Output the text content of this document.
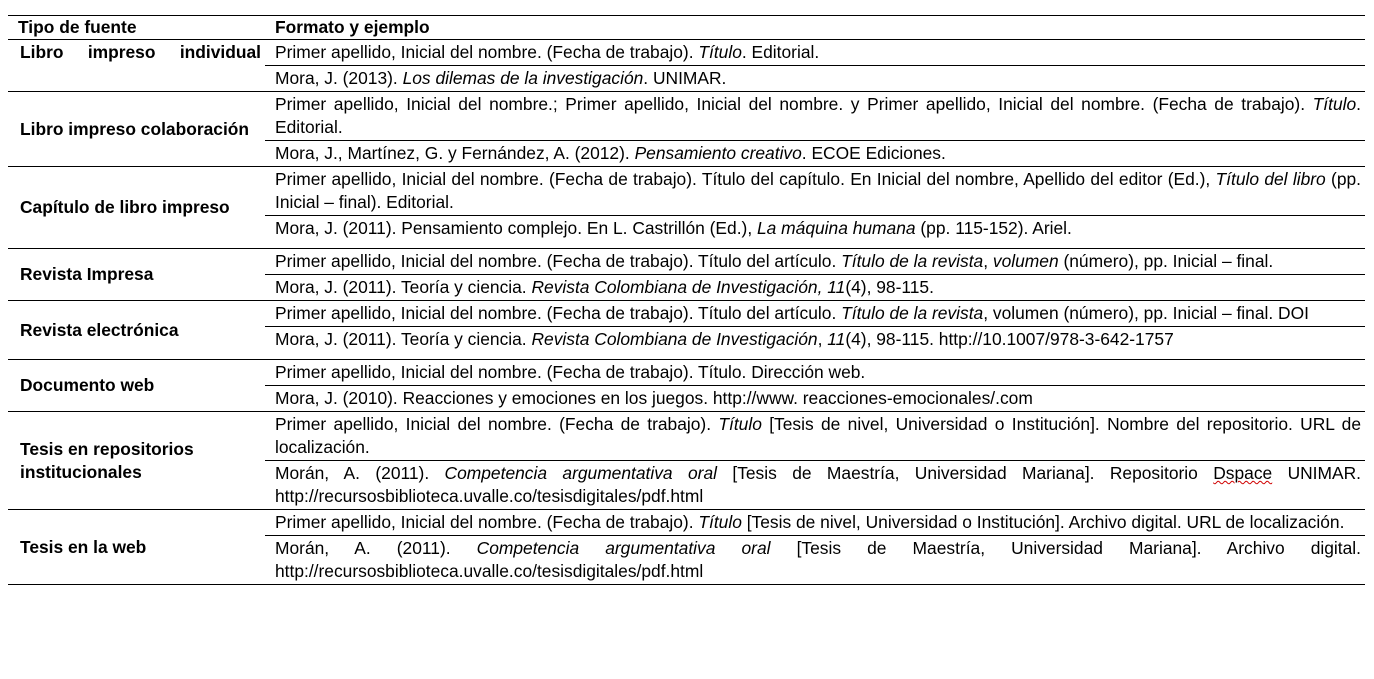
Tipo de fuente	Formato y ejemplo
Libro impreso individual	Primer apellido, Inicial del nombre. (Fecha de trabajo). Título. Editorial.
	Mora, J. (2013). Los dilemas de la investigación. UNIMAR.
Libro impreso colaboración	Primer apellido, Inicial del nombre.; Primer apellido, Inicial del nombre. y Primer apellido, Inicial del nombre. (Fecha de trabajo). Título. Editorial.
	Mora, J., Martínez, G. y Fernández, A. (2012). Pensamiento creativo. ECOE Ediciones.
Capítulo de libro impreso	Primer apellido, Inicial del nombre. (Fecha de trabajo). Título del capítulo. En Inicial del nombre, Apellido del editor (Ed.), Título del libro (pp. Inicial – final). Editorial.
	Mora, J. (2011). Pensamiento complejo. En L. Castrillón (Ed.), La máquina humana (pp. 115-152). Ariel.
Revista Impresa	Primer apellido, Inicial del nombre. (Fecha de trabajo). Título del artículo. Título de la revista, volumen (número), pp. Inicial – final.
	Mora, J. (2011). Teoría y ciencia. Revista Colombiana de Investigación, 11(4), 98-115.
Revista electrónica	Primer apellido, Inicial del nombre. (Fecha de trabajo). Título del artículo. Título de la revista, volumen (número), pp. Inicial – final. DOI
	Mora, J. (2011). Teoría y ciencia. Revista Colombiana de Investigación, 11(4), 98-115. http://10.1007/978-3-642-1757
Documento web	Primer apellido, Inicial del nombre. (Fecha de trabajo). Título. Dirección web.
	Mora, J. (2010). Reacciones y emociones en los juegos. http://www. reacciones-emocionales/.com
Tesis en repositorios institucionales	Primer apellido, Inicial del nombre. (Fecha de trabajo). Título [Tesis de nivel, Universidad o Institución]. Nombre del repositorio. URL de localización.
	Morán, A. (2011). Competencia argumentativa oral [Tesis de Maestría, Universidad Mariana]. Repositorio Dspace UNIMAR. http://recursosbiblioteca.uvalle.co/tesisdigitales/pdf.html
Tesis en la web	Primer apellido, Inicial del nombre. (Fecha de trabajo). Título [Tesis de nivel, Universidad o Institución]. Archivo digital. URL de localización.
	Morán, A. (2011). Competencia argumentativa oral [Tesis de Maestría, Universidad Mariana]. Archivo digital. http://recursosbiblioteca.uvalle.co/tesisdigitales/pdf.html
